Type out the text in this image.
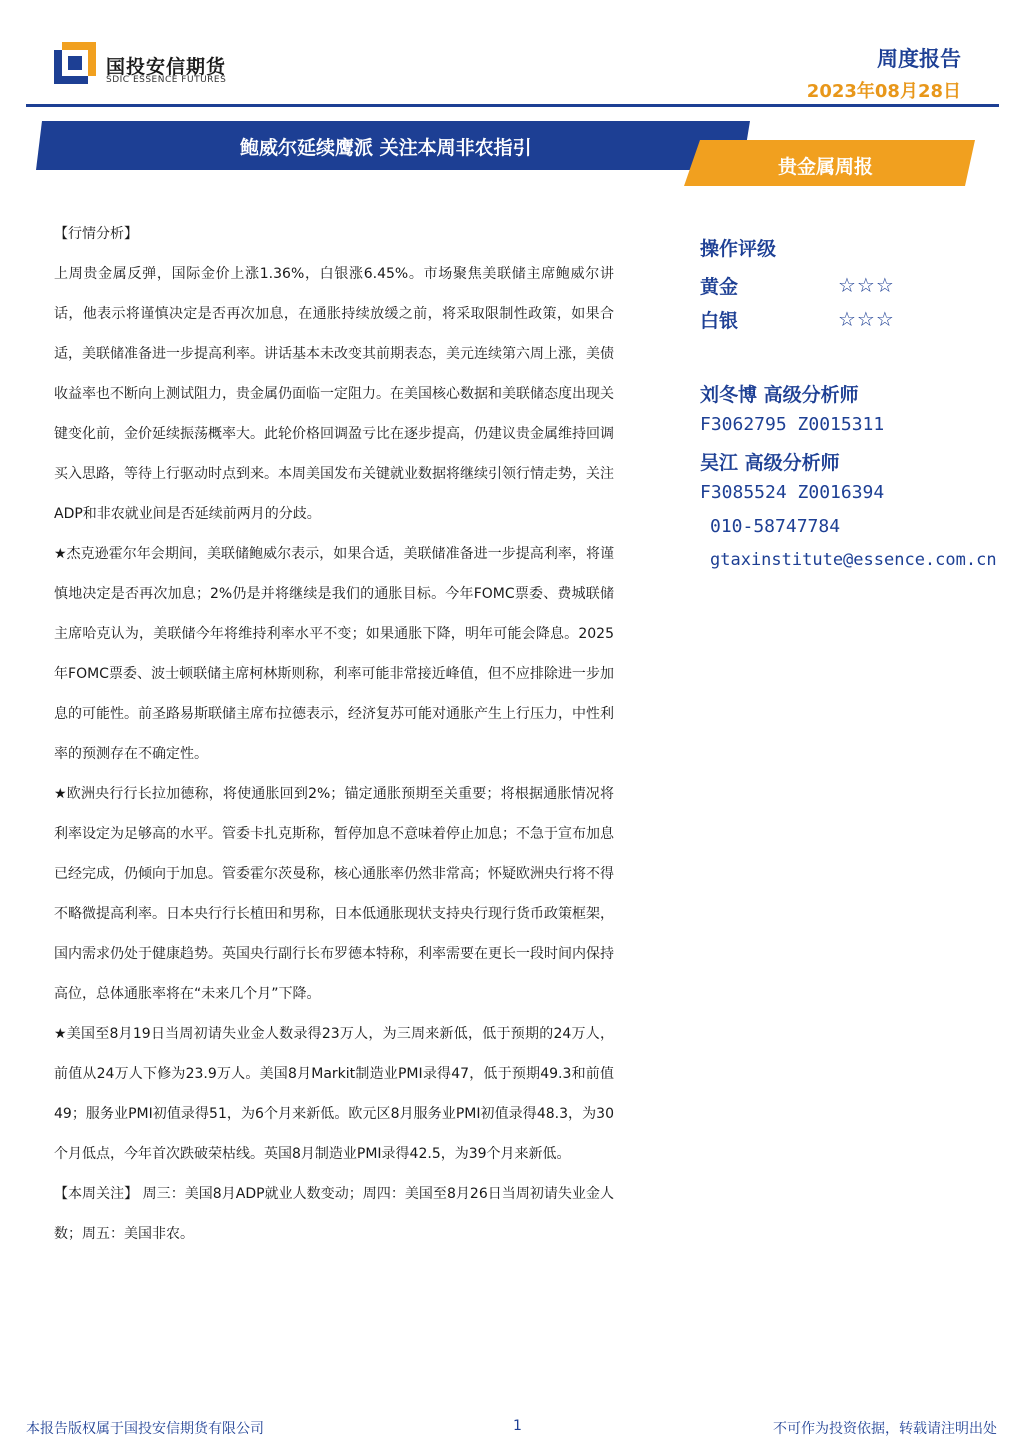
国投安信期货
SDIC ESSENCE FUTURES
周度报告
2023年08月28日
鲍威尔延续鹰派 关注本周非农指引
贵金属周报

【行情分析】

上周贵金属反弹，国际金价上涨1.36%，白银涨6.45%。市场聚焦美联储主席鲍威尔讲话，他表示将谨慎决定是否再次加息，在通胀持续放缓之前，将采取限制性政策，如果合适，美联储准备进一步提高利率。讲话基本未改变其前期表态，美元连续第六周上涨，美债收益率也不断向上测试阻力，贵金属仍面临一定阻力。在美国核心数据和美联储态度出现关键变化前，金价延续振荡概率大。此轮价格回调盈亏比在逐步提高，仍建议贵金属维持回调买入思路，等待上行驱动时点到来。本周美国发布关键就业数据将继续引领行情走势，关注ADP和非农就业间是否延续前两月的分歧。

★杰克逊霍尔年会期间，美联储鲍威尔表示，如果合适，美联储准备进一步提高利率，将谨慎地决定是否再次加息；2%仍是并将继续是我们的通胀目标。今年FOMC票委、费城联储主席哈克认为，美联储今年将维持利率水平不变；如果通胀下降，明年可能会降息。2025年FOMC票委、波士顿联储主席柯林斯则称，利率可能非常接近峰值，但不应排除进一步加息的可能性。前圣路易斯联储主席布拉德表示，经济复苏可能对通胀产生上行压力，中性利率的预测存在不确定性。

★欧洲央行行长拉加德称，将使通胀回到2%；锚定通胀预期至关重要；将根据通胀情况将利率设定为足够高的水平。管委卡扎克斯称，暂停加息不意味着停止加息；不急于宣布加息已经完成，仍倾向于加息。管委霍尔茨曼称，核心通胀率仍然非常高；怀疑欧洲央行将不得不略微提高利率。日本央行行长植田和男称，日本低通胀现状支持央行现行货币政策框架，国内需求仍处于健康趋势。英国央行副行长布罗德本特称，利率需要在更长一段时间内保持高位，总体通胀率将在“未来几个月”下降。

★美国至8月19日当周初请失业金人数录得23万人，为三周来新低，低于预期的24万人，前值从24万人下修为23.9万人。美国8月Markit制造业PMI录得47，低于预期49.3和前值49；服务业PMI初值录得51，为6个月来新低。欧元区8月服务业PMI初值录得48.3，为30个月低点，今年首次跌破荣枯线。英国8月制造业PMI录得42.5，为39个月来新低。

【本周关注】 周三：美国8月ADP就业人数变动；周四：美国至8月26日当周初请失业金人数；周五：美国非农。

操作评级
黄金	☆☆☆
白银	☆☆☆
刘冬博 高级分析师
F3062795 Z0015311
吴江 高级分析师
F3085524 Z0016394
010-58747784
gtaxinstitute@essence.com.cn
本报告版权属于国投安信期货有限公司	1	不可作为投资依据，转载请注明出处
